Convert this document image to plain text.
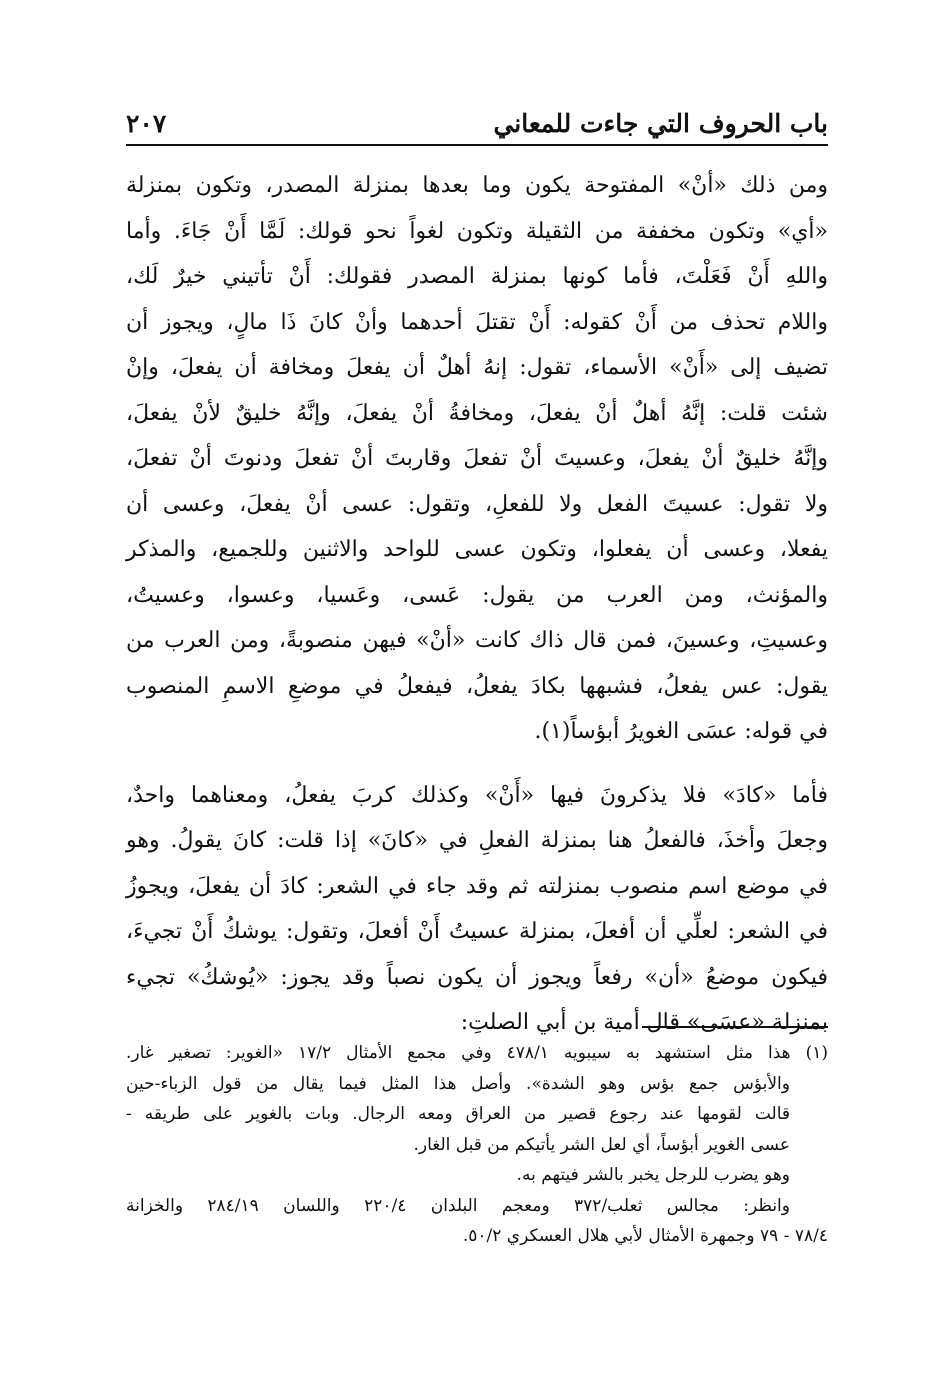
باب الحروف التي جاءت للمعاني
٢٠٧
ومن ذلك «أنْ» المفتوحة يكون وما بعدها بمنزلة المصدر، وتكون بمنزلة
«أي» وتكون مخففة من الثقيلة وتكون لغواً نحو قولك: لَمَّا أَنْ جَاءَ. وأما
واللهِ أَنْ فَعَلْتَ، فأما كونها بمنزلة المصدر فقولك: أَنْ تأتيني خيرٌ لَك،
واللام تحذف من أَنْ كقوله: أَنْ تقتلَ أحدهما وأنْ كانَ ذَا مالٍ، ويجوز أن
تضيف إلى «أَنْ» الأسماء، تقول: إنهُ أهلٌ أن يفعلَ ومخافة أن يفعلَ، وإنْ
شئت قلت: إنَّهُ أهلٌ أنْ يفعلَ، ومخافةُ أنْ يفعلَ، وإنَّهُ خليقٌ لأنْ يفعلَ،
وإنَّهُ خليقٌ أنْ يفعلَ، وعسيتَ أنْ تفعلَ وقاربتَ أنْ تفعلَ ودنوتَ أنْ تفعلَ،
ولا تقول: عسيتَ الفعل ولا للفعلِ، وتقول: عسى أنْ يفعلَ، وعسى أن
يفعلا، وعسى أن يفعلوا، وتكون عسى للواحد والاثنين وللجميع، والمذكر
والمؤنث، ومن العرب من يقول: عَسى، وعَسيا، وعسوا، وعسيتُ،
وعسيتِ، وعسينَ، فمن قال ذاك كانت «أنْ» فيهن منصوبةً، ومن العرب من
يقول: عس يفعلُ، فشبهها بكادَ يفعلُ، فيفعلُ في موضعِ الاسمِ المنصوب
في قوله: عسَى الغويرُ أبؤساً(١).
فأما «كادَ» فلا يذكرونَ فيها «أَنْ» وكذلك كربَ يفعلُ، ومعناهما واحدٌ،
وجعلَ وأخذَ، فالفعلُ هنا بمنزلة الفعلِ في «كانَ» إذا قلت: كانَ يقولُ. وهو
في موضع اسم منصوب بمنزلته ثم وقد جاء في الشعر: كادَ أن يفعلَ، ويجوزُ
في الشعر: لعلِّي أن أفعلَ، بمنزلة عسيتُ أَنْ أفعلَ، وتقول: يوشكُ أَنْ تجيءَ،
فيكون موضعُ «أن» رفعاً ويجوز أن يكون نصباً وقد يجوز: «يُوشكُ» تجيء
بمنزلة «عسَى» قال أمية بن أبي الصلتِ:
(١) هذا مثل استشهد به سيبويه ٤٧٨/١ وفي مجمع الأمثال ١٧/٢ «الغوير: تصغير غار.
والأبؤس جمع بؤس وهو الشدة». وأصل هذا المثل فيما يقال من قول الزباء-حين
قالت لقومها عند رجوع قصير من العراق ومعه الرجال. وبات بالغوير على طريقه -
عسى الغوير أبؤساً، أي لعل الشر يأتيكم من قبل الغار.
وهو يضرب للرجل يخبر بالشر فيتهم به.
وانظر: مجالس ثعلب/٣٧٢ ومعجم البلدان ٢٢٠/٤ واللسان ٢٨٤/١٩ والخزانة
٧٨/٤ - ٧٩ وجمهرة الأمثال لأبي هلال العسكري ٥٠/٢.
